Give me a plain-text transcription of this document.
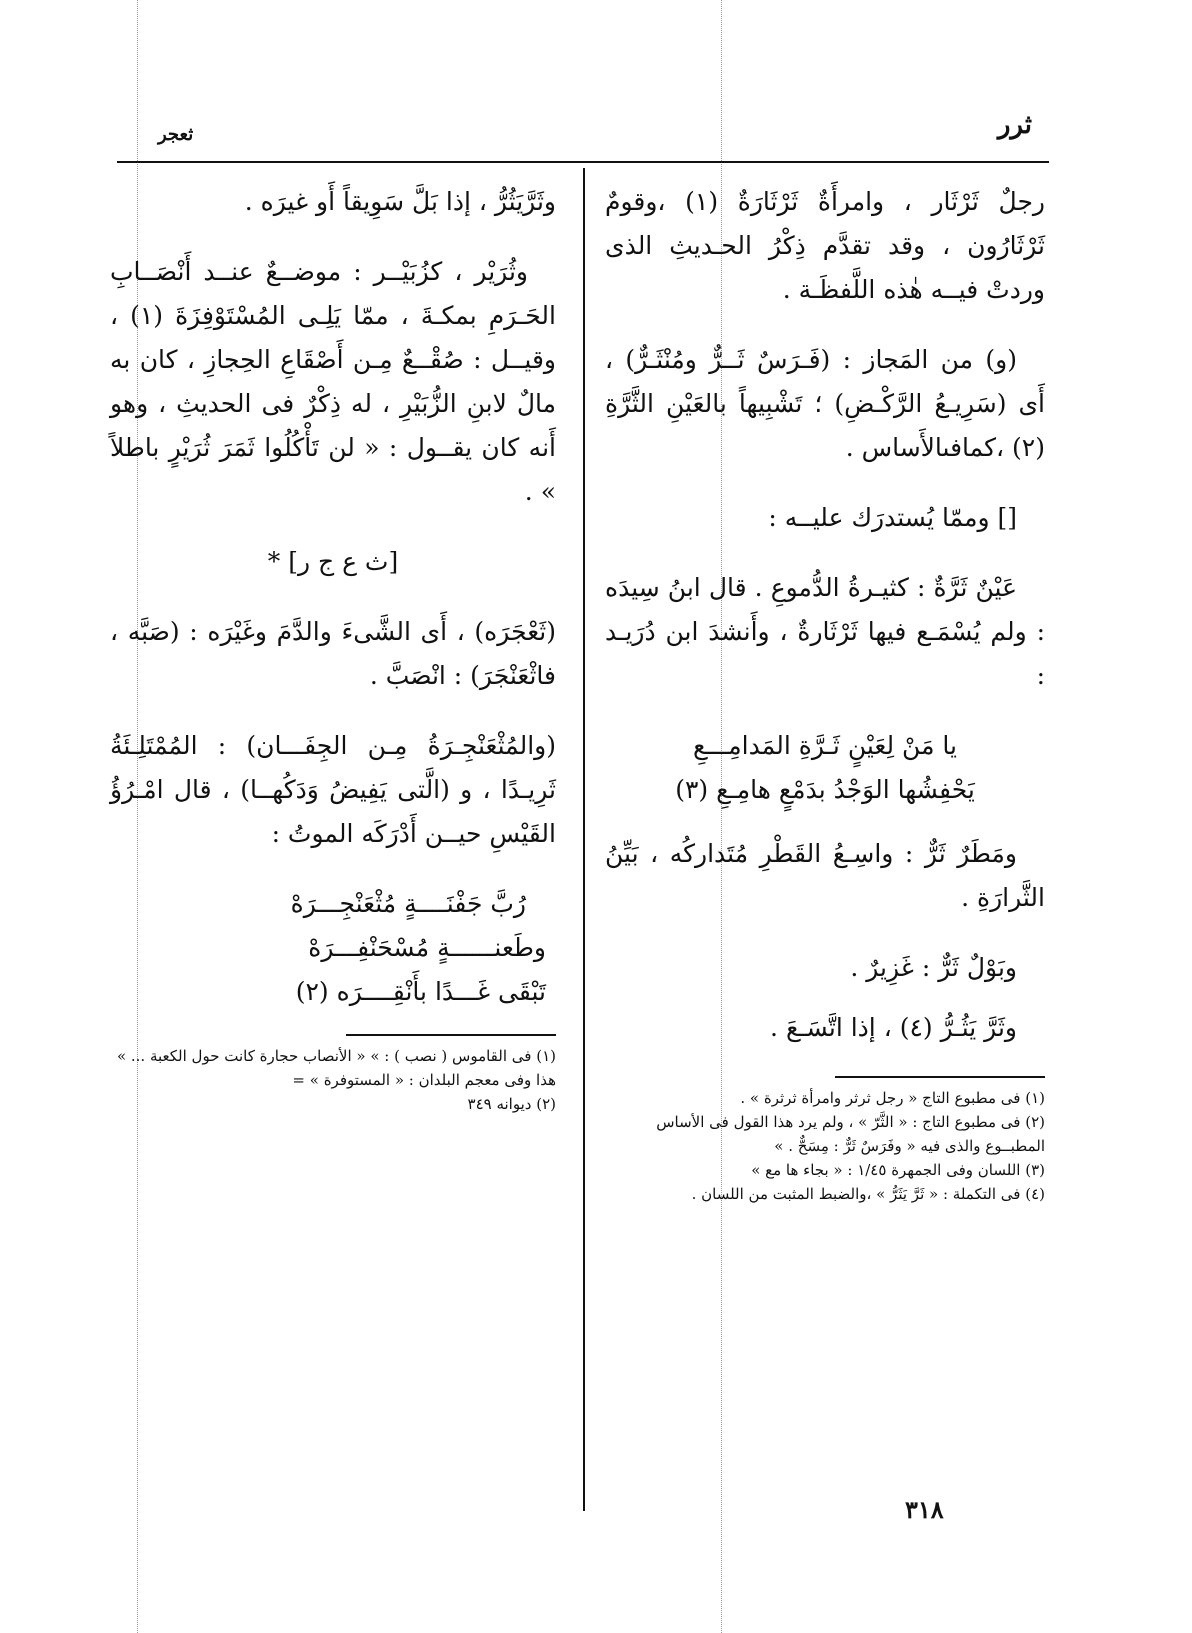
ثرر
ثعجر

رجلٌ ثَرْثَار ، وامرأَةٌ ثَرْثَارَةٌ (١) ،وقومٌ ثَرْثَارُون ، وقد تقدَّم ذِكْرُ الحـديثِ الذى وردتْ فيــه هٰذه اللَّفظَـة .

(و) من المَجاز : (فَـرَسٌ ثَــرٌّ ومُنْثَـرٌّ) ، أَى (سَرِيـعُ الرَّكْـضِ) ؛ تَشْبِيهاً بالعَيْنِ الثَّرَّةِ (٢) ،كمافىالأَساس .

[] وممّا يُستدرَك عليــه :

عَيْنٌ ثَرَّةٌ : كثيـرةُ الدُّموعِ . قال ابنُ سِيدَه : ولم يُسْمَـع فيها ثَرْثَارةٌ ، وأَنشدَ ابن دُرَيـد :

يا مَنْ لِعَيْنٍ ثَـرَّةِ المَدامِـــعِ
يَحْفِشُها الوَجْدُ بدَمْعٍ هامِـعِ (٣)

ومَطَرٌ ثَرٌّ : واسِـعُ القَطْرِ مُتَداركُه ، بَيِّنُ الثَّرارَةِ .

وبَوْلٌ ثَرٌّ : غَزِيرٌ .

وثَرَّ يَثُـرُّ (٤) ، إذا اتَّسَـعَ .

(١) فى مطبوع التاج « رجل ثرثر وامرأة ثرثرة » .
(٢) فى مطبوع التاج : « الثَّرّ » ، ولم يرد هذا القول فى الأساس المطبــوع والذى فيه « وفَرَسٌ ثَرٌّ : مِسَحٌّ . »
(٣) اللسان وفى الجمهرة ١/٤٥ : « بجاء ها مع »
(٤) فى التكملة : « ثَرَّ يَثَرُّ » ،والضبط المثبت من اللسان .

وثَرَّيَثُرُّ ، إذا بَلَّ سَوِيقاً أَو غيرَه .

وثُرَيْر ، كزُبَيْــر : موضــعٌ عنــد أَنْصَــابِ الحَـرَمِ بمكـةَ ، ممّا يَلِـى المُسْتَوْفِزَةَ (١) ، وقيــل : صُقْــعٌ مِـن أَصْقَاعِ الحِجازِ ، كان به مالٌ لابنِ الزُّبَيْرِ ، له ذِكْرٌ فى الحديثِ ، وهو أَنه كان يقــول : « لن تَأْكُلُوا ثَمَرَ ثُرَيْرٍ باطلاً » .

[ث ع ج ر] *

(ثَعْجَرَه) ، أَى الشَّىءَ والدَّمَ وغَيْرَه : (صَبَّه ، فاثْعَنْجَرَ) : انْصَبَّ .

(والمُثْعَنْجِـرَةُ مِـن الجِفَـــان) : المُمْتَلِـئَةُ ثَرِيـدًا ، و (الَّتى يَفِيضُ وَدَكُهــا) ، قال امْـرُؤُ القَيْسِ حيــن أَدْرَكَه الموتُ :

رُبَّ جَفْنَــــةٍ مُثْعَنْجِـــرَهْ
وطَعنــــــةٍ مُسْحَنْفِـــرَهْ
تَبْقَى غَـــدًا بأَنْقِــــرَه (٢)
(١) فى القاموس ( نصب ) : » « الأنصاب حجارة كانت حول الكعبة ... » هذا وفى معجم البلدان : « المستوفرة » =
(٢) ديوانه ٣٤٩
٣١٨
